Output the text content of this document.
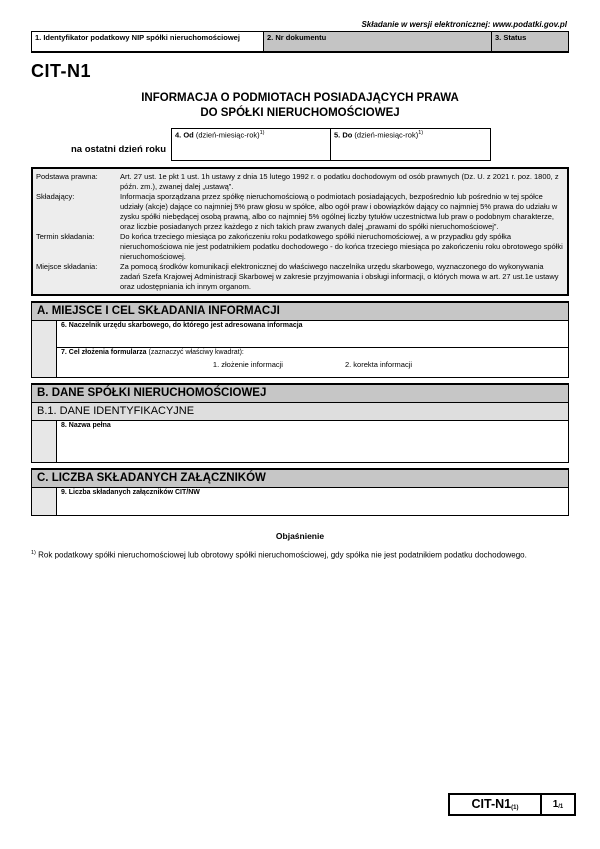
Składanie w wersji elektronicznej: www.podatki.gov.pl
1. Identyfikator podatkowy NIP spółki nieruchomościowej	2. Nr dokumentu	3. Status
CIT-N1
INFORMACJA O PODMIOTACH POSIADAJĄCYCH PRAWA
DO SPÓŁKI NIERUCHOMOŚCIOWEJ
na ostatni dzień roku
4. Od (dzień-miesiąc-rok)$^{1)}$	5. Do (dzień-miesiąc-rok)$^{1)}$
Podstawa prawna:	Art. 27 ust. 1e pkt 1 ust. 1h ustawy z dnia 15 lutego 1992 r. o podatku dochodowym od osób prawnych (Dz. U. z 2021 r. poz. 1800, z późn. zm.), zwanej dalej „ustawą”.
Składający:	Informacja sporządzana przez spółkę nieruchomościową o podmiotach posiadających, bezpośrednio lub pośrednio w tej spółce udziały (akcje) dające co najmniej 5% praw głosu w spółce, albo ogół praw i obowiązków dający co najmniej 5% prawa do udziału w zysku spółki niebędącej osobą prawną, albo co najmniej 5% ogólnej liczby tytułów uczestnictwa lub praw o podobnym charakterze, oraz liczbie posiadanych przez każdego z nich takich praw zwanych dalej „prawami do spółki nieruchomościowej”.
Termin składania:	Do końca trzeciego miesiąca po zakończeniu roku podatkowego spółki nieruchomościowej, a w przypadku gdy spółka nieruchomościowa nie jest podatnikiem podatku dochodowego - do końca trzeciego miesiąca po zakończeniu roku obrotowego spółki nieruchomościowej.
Miejsce składania:	Za pomocą środków komunikacji elektronicznej do właściwego naczelnika urzędu skarbowego, wyznaczonego do wykonywania zadań Szefa Krajowej Administracji Skarbowej w zakresie przyjmowania i obsługi informacji, o których mowa w art. 27 ust.1e ustawy oraz udostępniania ich innym organom.
A. MIEJSCE I CEL SKŁADANIA INFORMACJI
6. Naczelnik urzędu skarbowego, do którego jest adresowana informacja
7. Cel złożenia formularza (zaznaczyć właściwy kwadrat):
1. złożenie informacji	2. korekta informacji
B. DANE SPÓŁKI NIERUCHOMOŚCIOWEJ
B.1. DANE IDENTYFIKACYJNE
8. Nazwa pełna
C. LICZBA SKŁADANYCH ZAŁĄCZNIKÓW
9. Liczba składanych załączników CIT/NW
Objaśnienie
$^{1)}$ Rok podatkowy spółki nieruchomościowej lub obrotowy spółki nieruchomościowej, gdy spółka nie jest podatnikiem podatku dochodowego.
CIT-$N1_{(1)}$	$1_{/1}$
